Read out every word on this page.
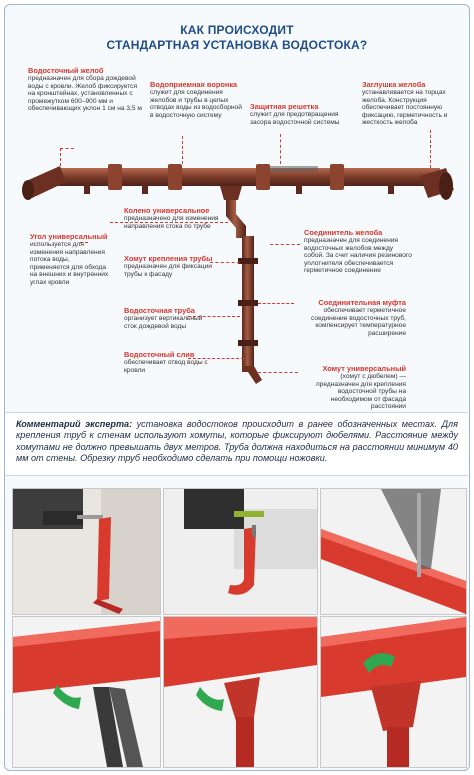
КАК ПРОИСХОДИТ
СТАНДАРТНАЯ УСТАНОВКА ВОДОСТОКА?
Водосточный желоб
предназначен для сбора дождевой воды с кровли. Желоб фиксируется на кронштейнах, установленных с промежутком 600–900 мм и обеспечивающих уклон 1 см на 3,5 м
Водоприемная воронка
служит для соединения желобов и трубы в целых отводах воды из водосборной в водосточную систему
Заглушка желоба
устанавливается на торцах желоба. Конструкция обеспечивает постоянную фиксацию, герметичность и жесткость желоба
Защитная решетка
служит для предотвращения засора водосточной системы
Угол универсальный
используется для изменения направления потока воды, применяется для обхода на внешних и внутренних углах кровли
Колено универсальное
предназначено для изменения направления стока по трубе
Соединитель желоба
предназначен для соединения водосточных желобов между собой. За счет наличия резинового уплотнителя обеспечивается герметичное соединение
Хомут крепления трубы
предназначен для фиксации трубы к фасаду
Соединительная муфта
обеспечивает герметичное соединение водосточных труб, компенсирует температурное расширение
Водосточная труба
организует вертикальный сток дождевой воды
Водосточный слив
обеспечивает отвод воды с кровли	Хомут универсальный
(хомут с дюбелем) — предназначен для крепления водосточной трубы на необходимом от фасада расстоянии

Комментарий эксперта: установка водостоков происходит в ранее обозначенных местах. Для крепления труб к стенам используют хомуты, которые фиксируют дюбелями. Расстояние между хомутами не должно превышать двух метров. Труба должна находиться на расстоянии минимум 40 мм от стены. Обрезку труб необходимо сделать при помощи ножовки.
